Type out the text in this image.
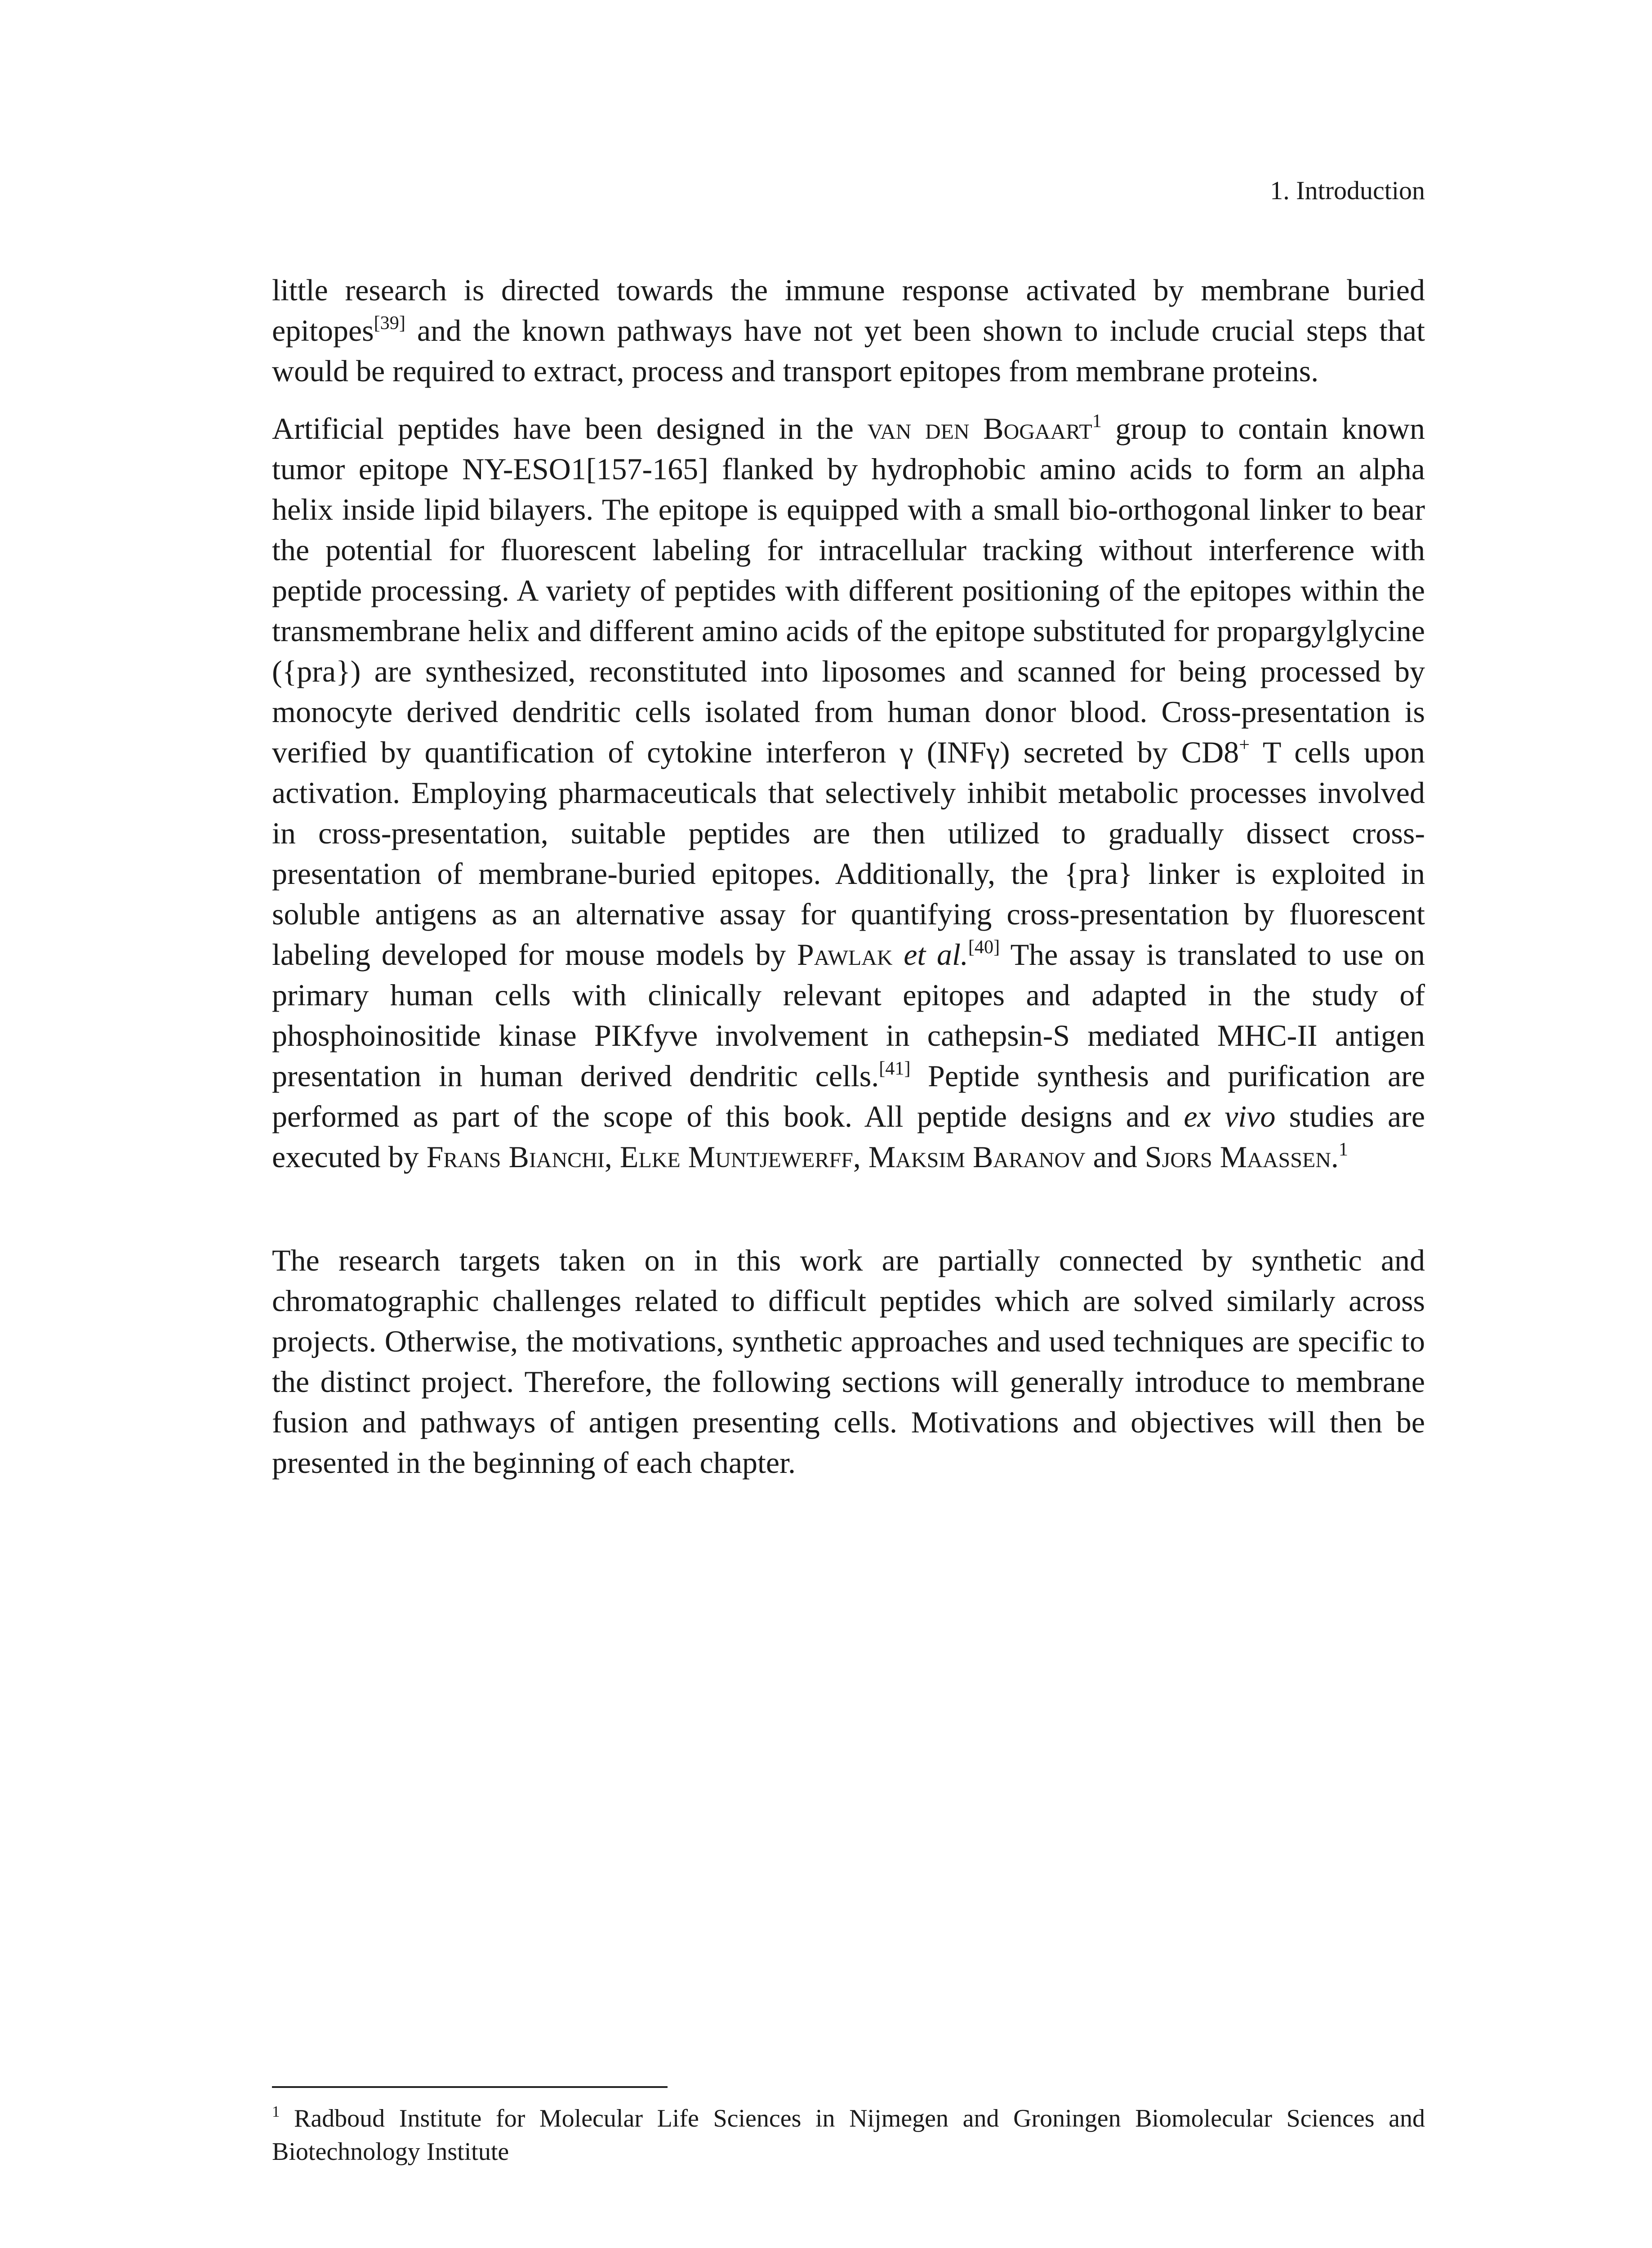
1. Introduction

little research is directed towards the immune response activated by membrane buried epitopes[39] and the known pathways have not yet been shown to include crucial steps that would be required to extract, process and transport epitopes from membrane proteins.

Artificial peptides have been designed in the van den Bogaart$^1$ group to contain known tumor epitope NY-ESO1[157-165] flanked by hydrophobic amino acids to form an alpha helix inside lipid bilayers. The epitope is equipped with a small bio-orthogonal linker to bear the potential for fluorescent labeling for intracellular tracking without interference with peptide processing. A variety of peptides with different positioning of the epitopes within the transmembrane helix and different amino acids of the epitope substituted for propargylglycine ({pra}) are synthesized, reconstituted into liposomes and scanned for being processed by monocyte derived dendritic cells isolated from human donor blood. Cross-presentation is verified by quantification of cytokine interferon γ (INFγ) secreted by CD8+ T cells upon activation. Employing pharmaceuticals that selectively inhibit metabolic processes involved in cross-presentation, suitable peptides are then utilized to gradually dissect cross-presentation of membrane-buried epitopes. Additionally, the {pra} linker is exploited in soluble antigens as an alternative assay for quantifying cross-presentation by fluorescent labeling developed for mouse models by Pawlak et al.[40] The assay is translated to use on primary human cells with clinically relevant epitopes and adapted in the study of phosphoinositide kinase PIKfyve involvement in cathepsin-S mediated MHC-II antigen presentation in human derived dendritic cells.[41] Peptide synthesis and purification are performed as part of the scope of this book. All peptide designs and ex vivo studies are executed by Frans Bianchi, Elke Muntjewerff, Maksim Baranov and Sjors Maassen.$^1$

The research targets taken on in this work are partially connected by synthetic and chromatographic challenges related to difficult peptides which are solved similarly across projects. Otherwise, the motivations, synthetic approaches and used techniques are specific to the distinct project. Therefore, the following sections will generally introduce to membrane fusion and pathways of antigen presenting cells. Motivations and objectives will then be presented in the beginning of each chapter.

$^1$ Radboud Institute for Molecular Life Sciences in Nijmegen and Groningen Biomolecular Sciences and Biotechnology Institute
